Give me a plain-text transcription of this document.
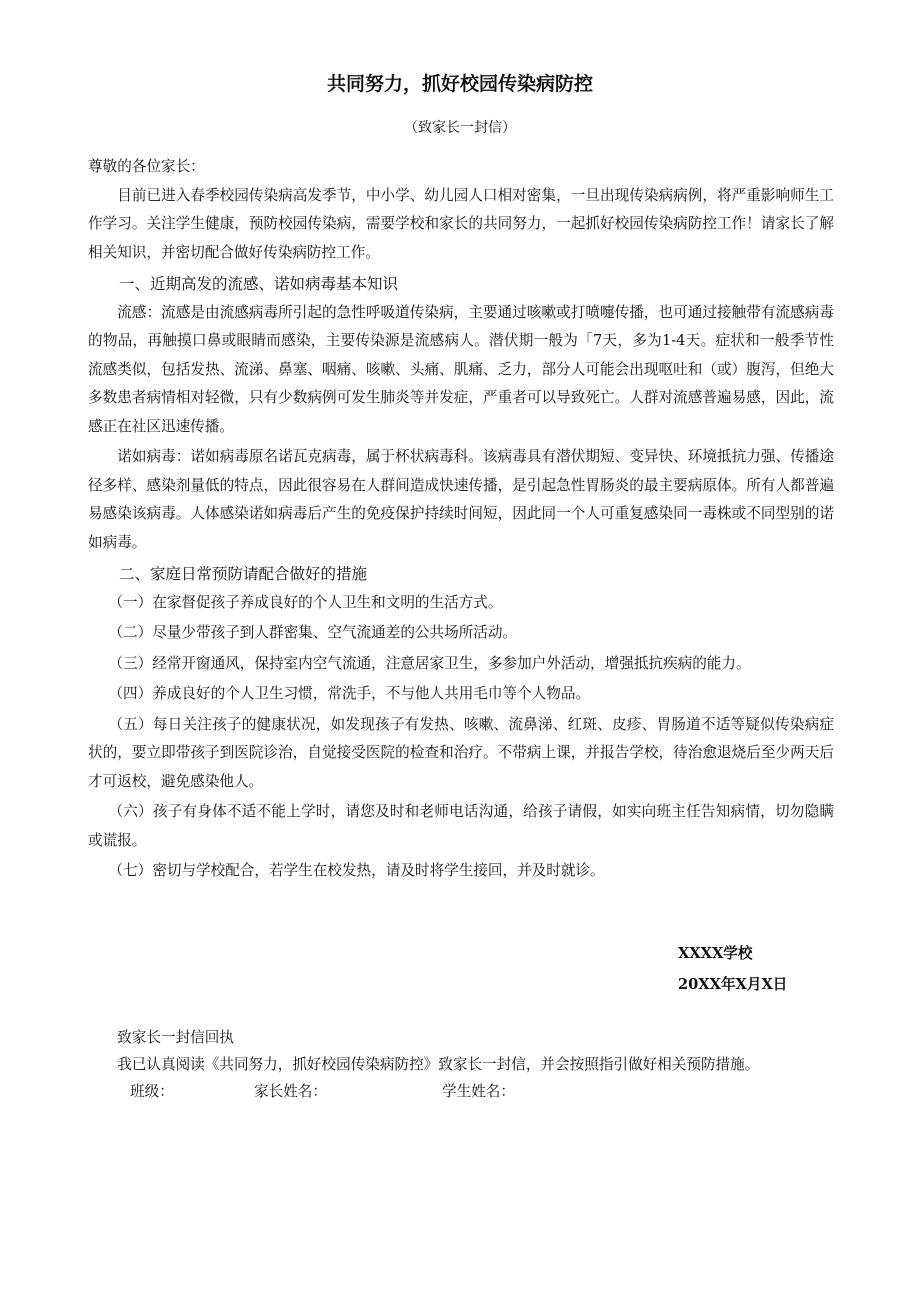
共同努力，抓好校园传染病防控
（致家长一封信）

尊敬的各位家长：

目前已进入春季校园传染病高发季节，中小学、幼儿园人口相对密集，一旦出现传染病病例，将严重影响师生工作学习。关注学生健康，预防校园传染病，需要学校和家长的共同努力，一起抓好校园传染病防控工作！请家长了解相关知识，并密切配合做好传染病防控工作。

一、近期高发的流感、诺如病毒基本知识

流感：流感是由流感病毒所引起的急性呼吸道传染病，主要通过咳嗽或打喷嚏传播，也可通过接触带有流感病毒的物品，再触摸口鼻或眼睛而感染，主要传染源是流感病人。潜伏期一般为「7天，多为1-4天。症状和一般季节性流感类似，包括发热、流涕、鼻塞、咽痛、咳嗽、头痛、肌痛、乏力，部分人可能会出现呕吐和（或）腹泻，但绝大多数患者病情相对轻微，只有少数病例可发生肺炎等并发症，严重者可以导致死亡。人群对流感普遍易感，因此，流感正在社区迅速传播。

诺如病毒：诺如病毒原名诺瓦克病毒，属于杯状病毒科。该病毒具有潜伏期短、变异快、环境抵抗力强、传播途径多样、感染剂量低的特点，因此很容易在人群间造成快速传播，是引起急性胃肠炎的最主要病原体。所有人都普遍易感染该病毒。人体感染诺如病毒后产生的免疫保护持续时间短，因此同一个人可重复感染同一毒株或不同型别的诺如病毒。

二、家庭日常预防请配合做好的措施

（一）在家督促孩子养成良好的个人卫生和文明的生活方式。

（二）尽量少带孩子到人群密集、空气流通差的公共场所活动。

（三）经常开窗通风，保持室内空气流通，注意居家卫生，多参加户外活动，增强抵抗疾病的能力。

（四）养成良好的个人卫生习惯，常洗手，不与他人共用毛巾等个人物品。

（五）每日关注孩子的健康状况，如发现孩子有发热、咳嗽、流鼻涕、红斑、皮疹、胃肠道不适等疑似传染病症状的，要立即带孩子到医院诊治，自觉接受医院的检查和治疗。不带病上课，并报告学校，待治愈退烧后至少两天后才可返校，避免感染他人。

（六）孩子有身体不适不能上学时，请您及时和老师电话沟通，给孩子请假，如实向班主任告知病情，切勿隐瞒或谎报。

（七）密切与学校配合，若学生在校发热，请及时将学生接回，并及时就诊。

XXXX学校
20XX年X月X日

致家长一封信回执

我已认真阅读《共同努力，抓好校园传染病防控》致家长一封信，并会按照指引做好相关预防措施。

班级：	家长姓名：	学生姓名：
